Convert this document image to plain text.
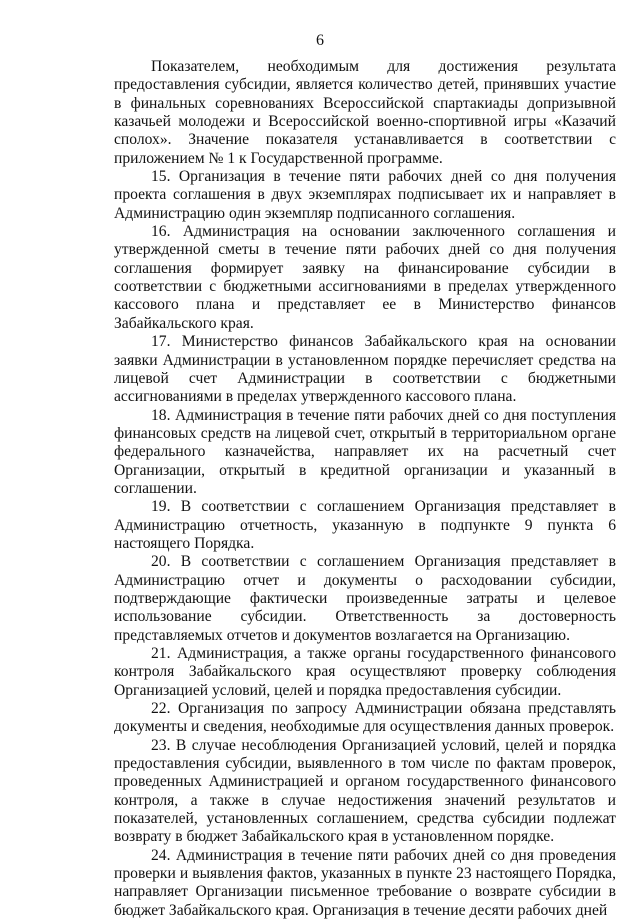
6

Показателем, необходимым для достижения результата предоставления субсидии, является количество детей, принявших участие в финальных соревнованиях Всероссийской спартакиады допризывной казачьей молодежи и Всероссийской военно-спортивной игры «Казачий сполох». Значение показателя устанавливается в соответствии с приложением № 1 к Государственной программе.

15. Организация в течение пяти рабочих дней со дня получения проекта соглашения в двух экземплярах подписывает их и направляет в Администрацию один экземпляр подписанного соглашения.

16. Администрация на основании заключенного соглашения и утвержденной сметы в течение пяти рабочих дней со дня получения соглашения формирует заявку на финансирование субсидии в соответствии с бюджетными ассигнованиями в пределах утвержденного кассового плана и представляет ее в Министерство финансов Забайкальского края.

17. Министерство финансов Забайкальского края на основании заявки Администрации в установленном порядке перечисляет средства на лицевой счет Администрации в соответствии с бюджетными ассигнованиями в пределах утвержденного кассового плана.

18. Администрация в течение пяти рабочих дней со дня поступления финансовых средств на лицевой счет, открытый в территориальном органе федерального казначейства, направляет их на расчетный счет Организации, открытый в кредитной организации и указанный в соглашении.

19. В соответствии с соглашением Организация представляет в Администрацию отчетность, указанную в подпункте 9 пункта 6 настоящего Порядка.

20. В соответствии с соглашением Организация представляет в Администрацию отчет и документы о расходовании субсидии, подтверждающие фактически произведенные затраты и целевое использование субсидии. Ответственность за достоверность представляемых отчетов и документов возлагается на Организацию.

21. Администрация, а также органы государственного финансового контроля Забайкальского края осуществляют проверку соблюдения Организацией условий, целей и порядка предоставления субсидии.

22. Организация по запросу Администрации обязана представлять документы и сведения, необходимые для осуществления данных проверок.

23. В случае несоблюдения Организацией условий, целей и порядка предоставления субсидии, выявленного в том числе по фактам проверок, проведенных Администрацией и органом государственного финансового контроля, а также в случае недостижения значений результатов и показателей, установленных соглашением, средства субсидии подлежат возврату в бюджет Забайкальского края в установленном порядке.

24. Администрация в течение пяти рабочих дней со дня проведения проверки и выявления фактов, указанных в пункте 23 настоящего Порядка, направляет Организации письменное требование о возврате субсидии в бюджет Забайкальского края. Организация в течение десяти рабочих дней
